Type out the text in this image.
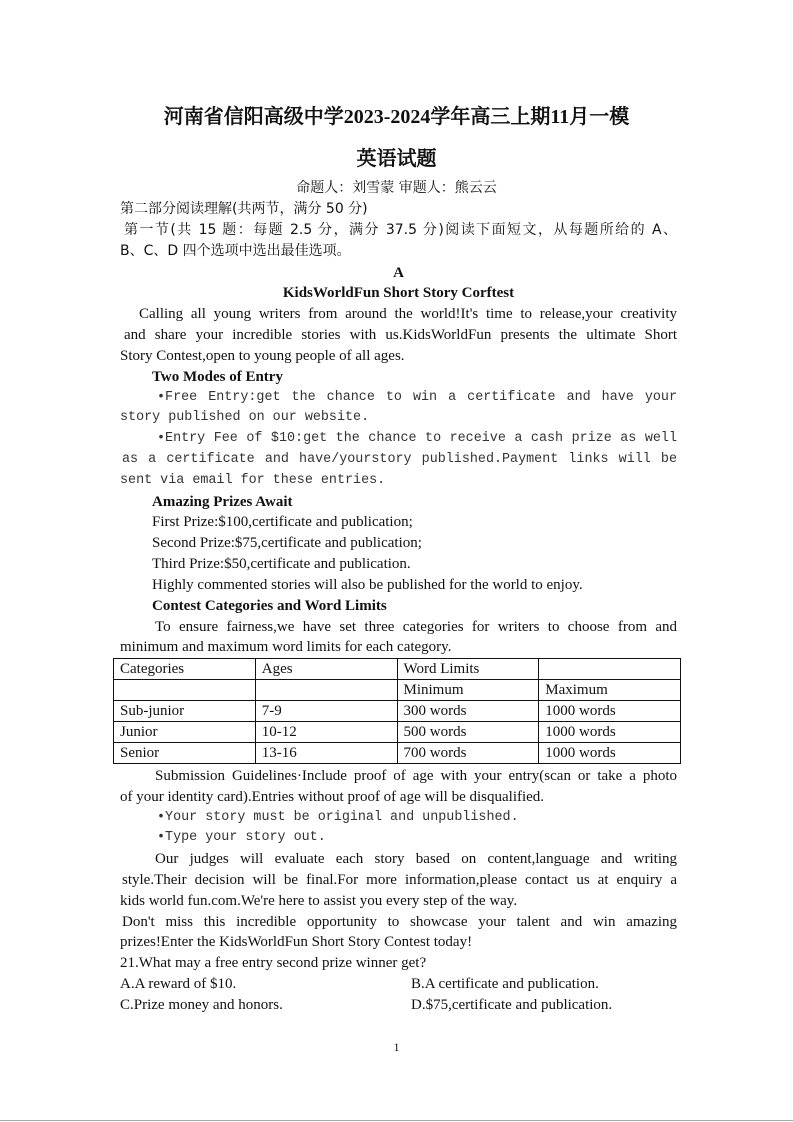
河南省信阳高级中学2023-2024学年高三上期11月一模
英语试题
命题人：刘雪蒙 审题人：熊云云
第二部分阅读理解(共两节，满分 50 分)
第一节(共 15 题：每题 2.5 分，满分 37.5 分)阅读下面短文，从每题所给的 A、
B、C、D 四个选项中选出最佳选项。
A
KidsWorldFun Short Story Corftest
Calling all young writers from around the world!It's time to release,your creativity
and share your incredible stories with us.KidsWorldFun presents the ultimate Short
Story Contest,open to young people of all ages.
Two Modes of Entry
•Free Entry:get the chance to win a certificate and have your
story published on our website.
•Entry Fee of $10:get the chance to receive a cash prize as well
as a certificate and have/yourstory published.Payment links will be
sent via email for these entries.
Amazing Prizes Await
First Prize:$100,certificate and publication;
Second Prize:$75,certificate and publication;
Third Prize:$50,certificate and publication.
Highly commented stories will also be published for the world to enjoy.
Contest Categories and Word Limits
To ensure fairness,we have set three categories for writers to choose from and
minimum and maximum word limits for each category.
Categories	Ages	Word Limits	
		Minimum	Maximum
Sub-junior	7-9	300 words	1000 words
Junior	10-12	500 words	1000 words
Senior	13-16	700 words	1000 words
Submission Guidelines·Include proof of age with your entry(scan or take a photo
of your identity card).Entries without proof of age will be disqualified.
•Your story must be original and unpublished.
•Type your story out.
Our judges will evaluate each story based on content,language and writing
style.Their decision will be final.For more information,please contact us at enquiry a
kids world fun.com.We're here to assist you every step of the way.
Don't miss this incredible opportunity to showcase your talent and win amazing
prizes!Enter the KidsWorldFun Short Story Contest today!
21.What may a free entry second prize winner get?
A.A reward of $10.	B.A certificate and publication.
C.Prize money and honors.	D.$75,certificate and publication.
1
